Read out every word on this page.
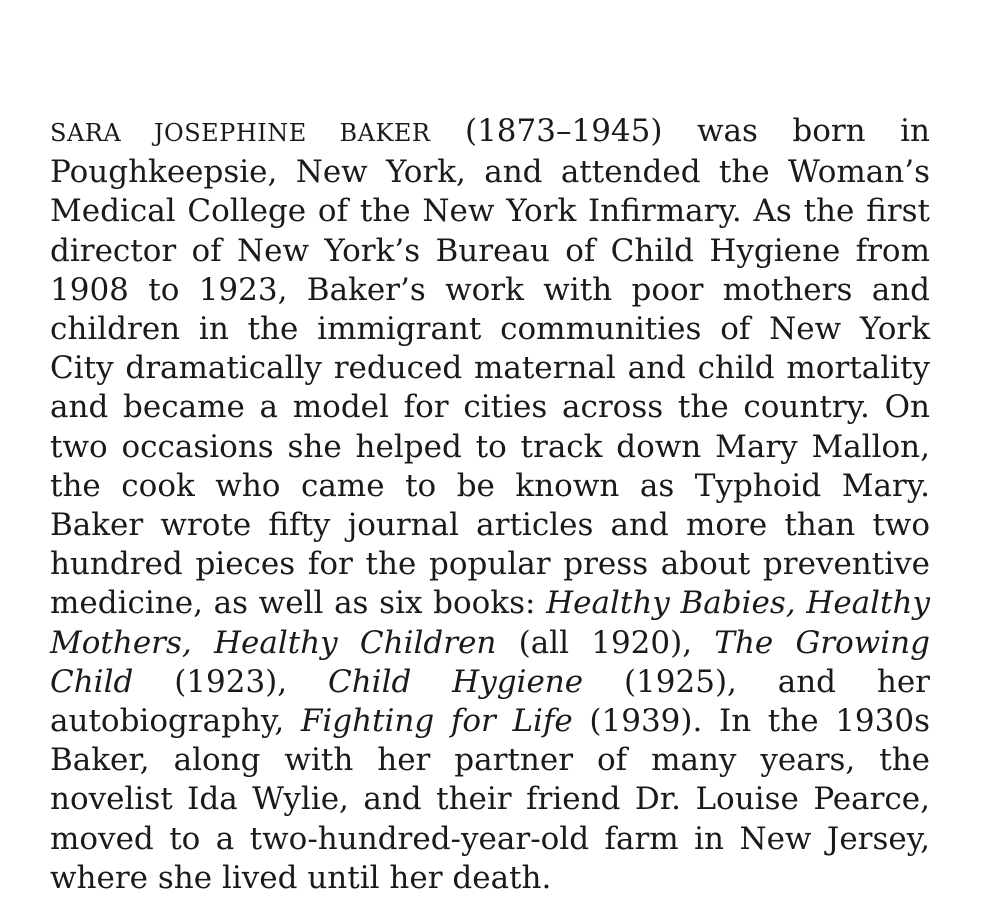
SARA JOSEPHINE BAKER (1873–1945) was born in Poughkeepsie, New York, and attended the Woman’s Medical College of the New York Infirmary. As the first director of New York’s Bureau of Child Hygiene from 1908 to 1923, Baker’s work with poor mothers and children in the immigrant communities of New York City dramatically reduced maternal and child mortality and became a model for cities across the country. On two occasions she helped to track down Mary Mallon, the cook who came to be known as Typhoid Mary. Baker wrote fifty journal articles and more than two hundred pieces for the popular press about preventive medicine, as well as six books: Healthy Babies, Healthy Mothers, Healthy Children (all 1920), The Growing Child (1923), Child Hygiene (1925), and her autobiography, Fighting for Life (1939). In the 1930s Baker, along with her partner of many years, the novelist Ida Wylie, and their friend Dr. Louise Pearce, moved to a two-hundred-year-old farm in New Jersey, where she lived until her death.
